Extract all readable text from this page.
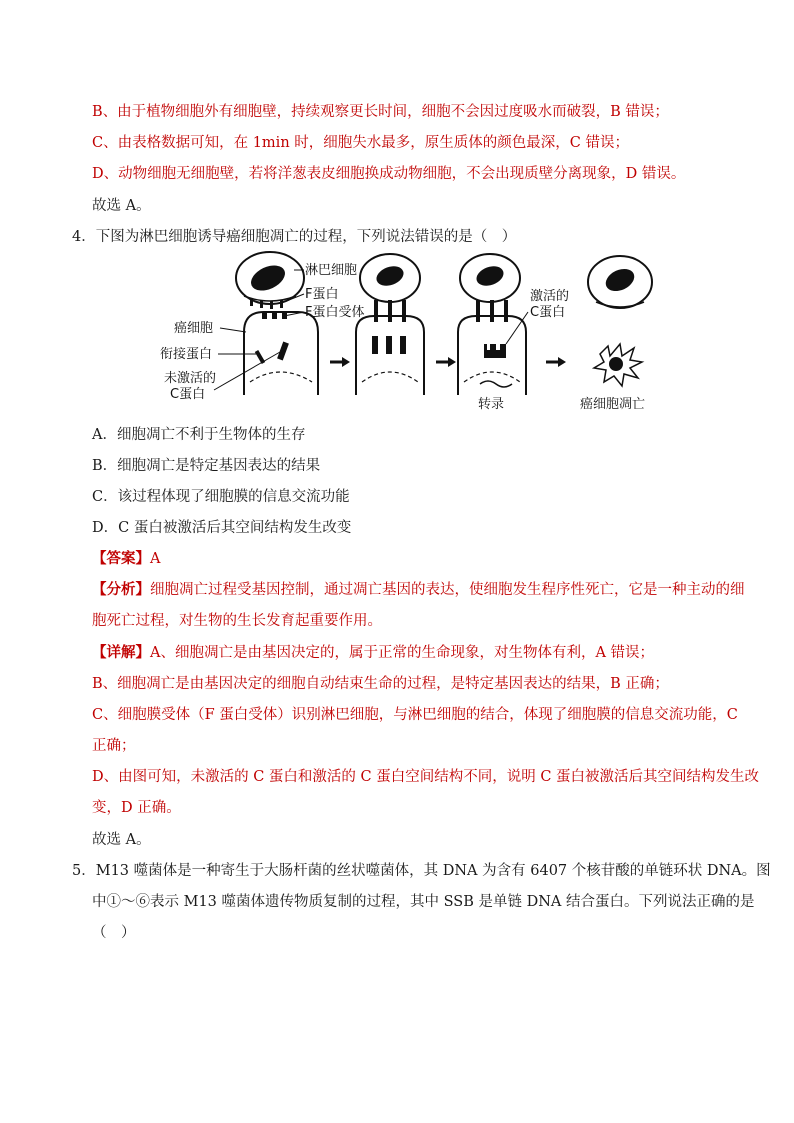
B、由于植物细胞外有细胞壁，持续观察更长时间，细胞不会因过度吸水而破裂，B 错误；
C、由表格数据可知，在 1min 时，细胞失水最多，原生质体的颜色最深，C 错误；
D、动物细胞无细胞壁，若将洋葱表皮细胞换成动物细胞，不会出现质壁分离现象，D 错误。
故选 A。
4．下图为淋巴细胞诱导癌细胞凋亡的过程，下列说法错误的是（　）
淋巴细胞
F蛋白
F蛋白受体
癌细胞
衔接蛋白
未激活的
C蛋白
激活的
C蛋白
转录	癌细胞凋亡
A．细胞凋亡不利于生物体的生存
B．细胞凋亡是特定基因表达的结果
C．该过程体现了细胞膜的信息交流功能
D．C 蛋白被激活后其空间结构发生改变
【答案】A
【分析】细胞凋亡过程受基因控制，通过凋亡基因的表达，使细胞发生程序性死亡，它是一种主动的细
胞死亡过程，对生物的生长发育起重要作用。
【详解】A、细胞凋亡是由基因决定的，属于正常的生命现象，对生物体有利，A 错误；
B、细胞凋亡是由基因决定的细胞自动结束生命的过程，是特定基因表达的结果，B 正确；
C、细胞膜受体（F 蛋白受体）识别淋巴细胞，与淋巴细胞的结合，体现了细胞膜的信息交流功能，C
正确；
D、由图可知，未激活的 C 蛋白和激活的 C 蛋白空间结构不同，说明 C 蛋白被激活后其空间结构发生改
变，D 正确。
故选 A。
5．M13 噬菌体是一种寄生于大肠杆菌的丝状噬菌体，其 DNA 为含有 6407 个核苷酸的单链环状 DNA。图
中①～⑥表示 M13 噬菌体遗传物质复制的过程，其中 SSB 是单链 DNA 结合蛋白。下列说法正确的是
（　）
